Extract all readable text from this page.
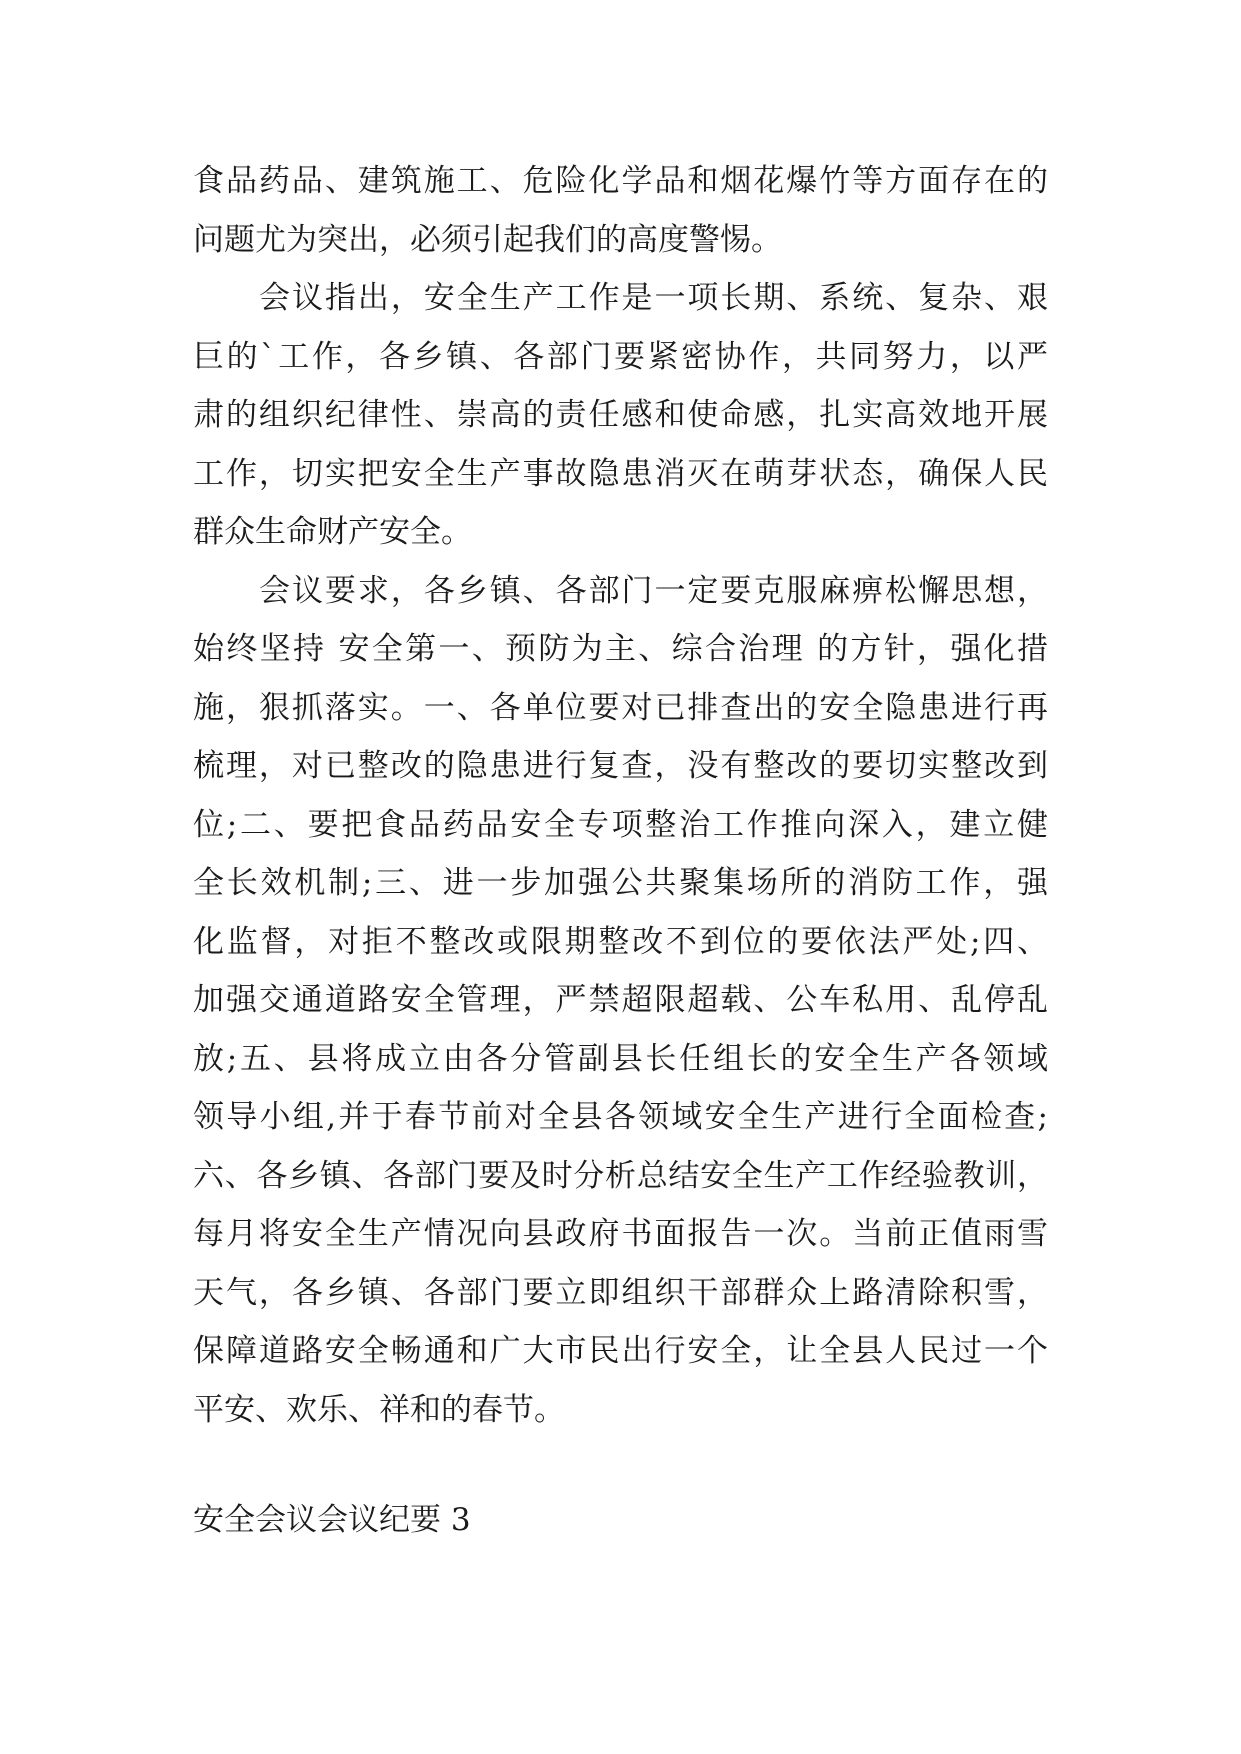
食品药品、建筑施工、危险化学品和烟花爆竹等方面存在的
问题尤为突出，必须引起我们的高度警惕。
会议指出，安全生产工作是一项长期、系统、复杂、艰
巨的`工作，各乡镇、各部门要紧密协作，共同努力，以严
肃的组织纪律性、崇高的责任感和使命感，扎实高效地开展
工作，切实把安全生产事故隐患消灭在萌芽状态，确保人民
群众生命财产安全。
会议要求，各乡镇、各部门一定要克服麻痹松懈思想，
始终坚持 安全第一、预防为主、综合治理 的方针，强化措
施，狠抓落实。一、各单位要对已排查出的安全隐患进行再
梳理，对已整改的隐患进行复查，没有整改的要切实整改到
位;二、要把食品药品安全专项整治工作推向深入，建立健
全长效机制;三、进一步加强公共聚集场所的消防工作，强
化监督，对拒不整改或限期整改不到位的要依法严处;四、
加强交通道路安全管理，严禁超限超载、公车私用、乱停乱
放;五、县将成立由各分管副县长任组长的安全生产各领域
领导小组,并于春节前对全县各领域安全生产进行全面检查;
六、各乡镇、各部门要及时分析总结安全生产工作经验教训，
每月将安全生产情况向县政府书面报告一次。当前正值雨雪
天气，各乡镇、各部门要立即组织干部群众上路清除积雪，
保障道路安全畅通和广大市民出行安全，让全县人民过一个
平安、欢乐、祥和的春节。
安全会议会议纪要 3
